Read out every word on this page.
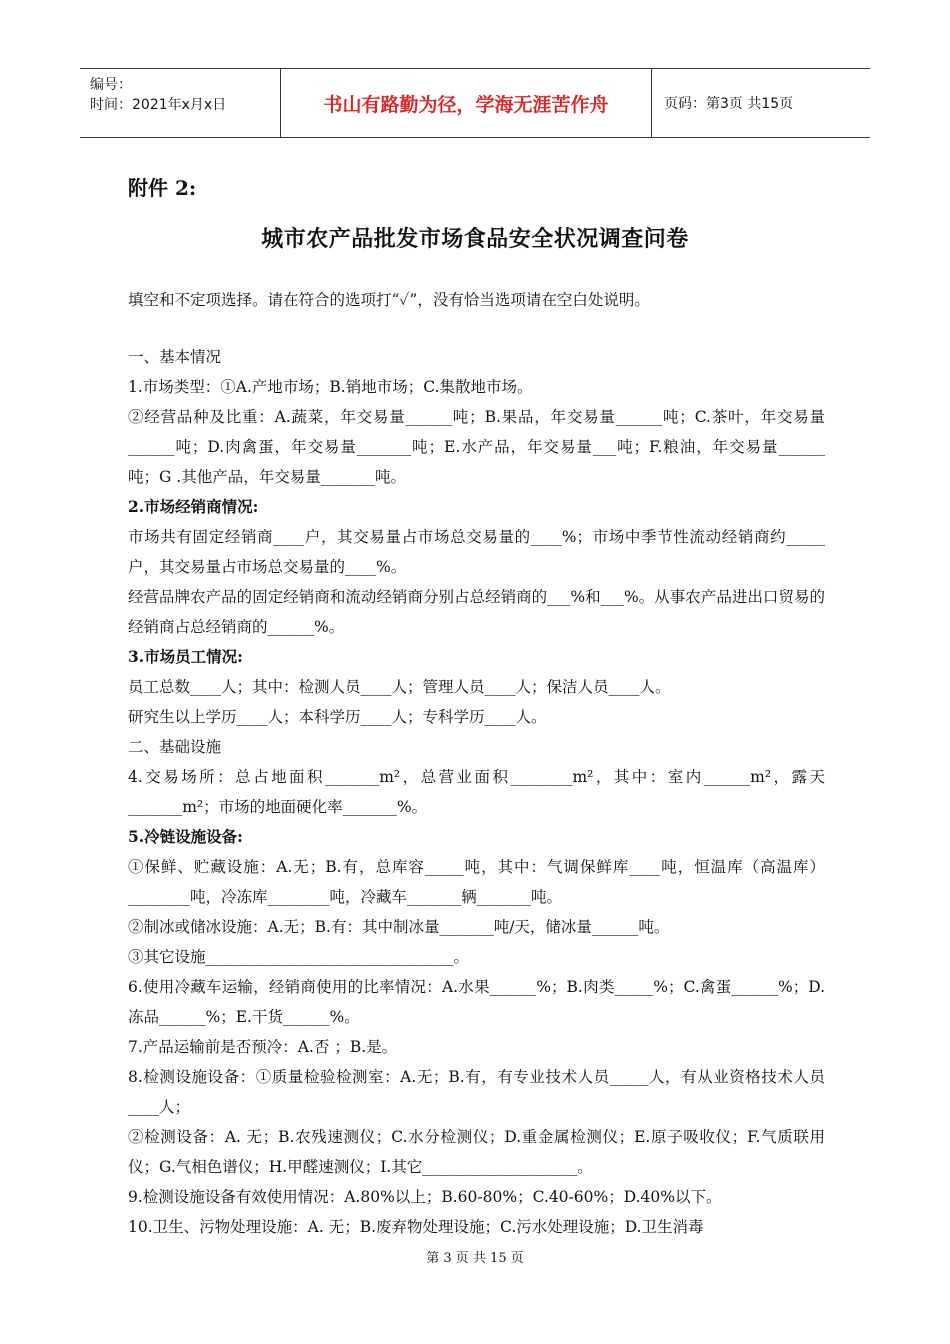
编号：
时间：2021年x月x日	书山有路勤为径，学海无涯苦作舟	页码：第3页 共15页
附件 2:
城市农产品批发市场食品安全状况调查问卷
填空和不定项选择。请在符合的选项打“✓”，没有恰当选项请在空白处说明。

一、基本情况

1.市场类型：①A.产地市场；B.销地市场；C.集散地市场。

②经营品种及比重：A.蔬菜，年交易量______吨；B.果品，年交易量______吨；C.茶叶，年交易量______吨；D.肉禽蛋，年交易量_______吨；E.水产品，年交易量___吨；F.粮油，年交易量______吨；G .其他产品，年交易量_______吨。

2.市场经销商情况:

市场共有固定经销商____户，其交易量占市场总交易量的____%；市场中季节性流动经销商约_____户，其交易量占市场总交易量的____%。

经营品牌农产品的固定经销商和流动经销商分别占总经销商的___%和___%。从事农产品进出口贸易的经销商占总经销商的______%。

3.市场员工情况:

员工总数____人；其中：检测人员____人；管理人员____人；保洁人员____人。

研究生以上学历____人；本科学历____人；专科学历____人。

二、基础设施

4.交易场所：总占地面积_______m²，总营业面积________m²，其中：室内______m²，露天_______m²；市场的地面硬化率_______%。

5.冷链设施设备:

①保鲜、贮藏设施：A.无；B.有，总库容_____吨，其中：气调保鲜库____吨，恒温库（高温库）________吨，冷冻库________吨，冷藏车_______辆_______吨。

②制冰或储冰设施：A.无；B.有：其中制冰量_______吨/天，储冰量______吨。

③其它设施________________________________。

6.使用冷藏车运输，经销商使用的比率情况：A.水果______%；B.肉类_____%；C.禽蛋______%；D.冻品______%；E.干货______%。

7.产品运输前是否预冷：A.否 ；B.是。

8.检测设施设备：①质量检验检测室：A.无；B.有，有专业技术人员_____人，有从业资格技术人员____人；

②检测设备：A. 无；B.农残速测仪；C.水分检测仪；D.重金属检测仪；E.原子吸收仪；F.气质联用仪；G.气相色谱仪；H.甲醛速测仪；I.其它____________________。

9.检测设施设备有效使用情况：A.80%以上；B.60-80%；C.40-60%；D.40%以下。

10.卫生、污物处理设施：A. 无；B.废弃物处理设施；C.污水处理设施；D.卫生消毒

第 3 页 共 15 页
